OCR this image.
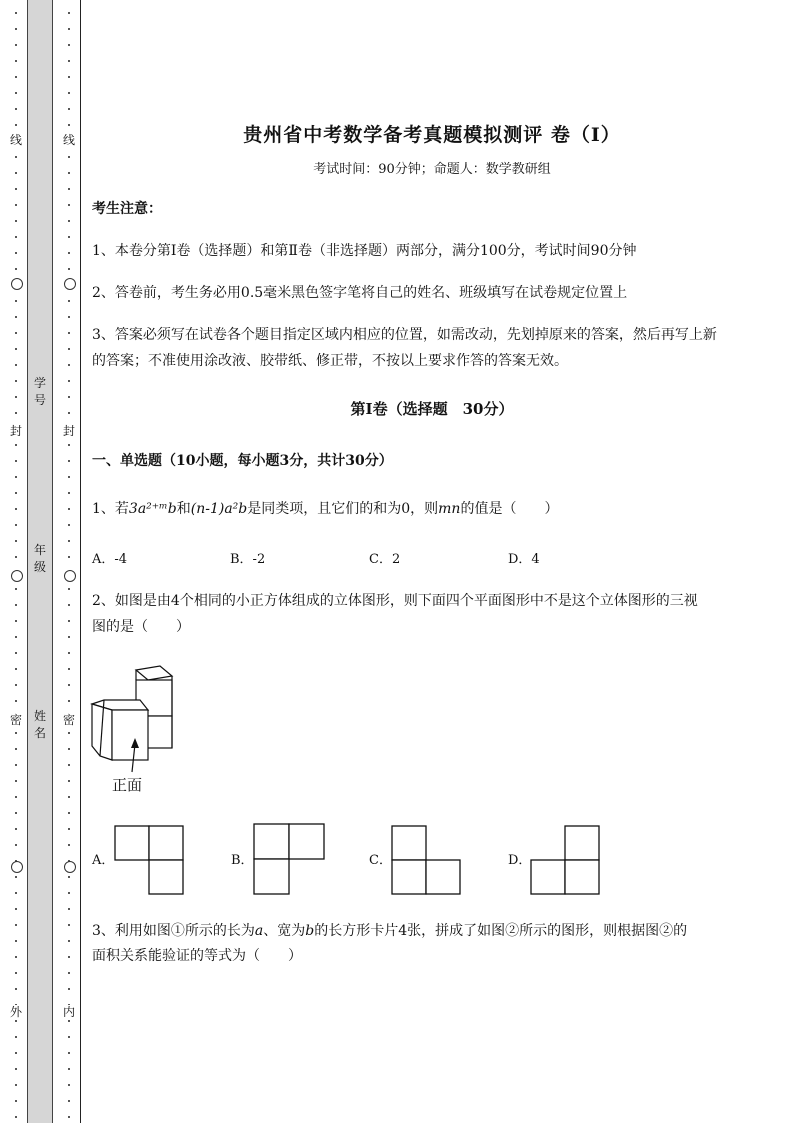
线
封
密
外
线
封
密
内
学号
年级
姓名
贵州省中考数学备考真题模拟测评 卷（Ⅰ）
考试时间：90分钟；命题人：数学教研组
考生注意：
1、本卷分第Ⅰ卷（选择题）和第Ⅱ卷（非选择题）两部分，满分100分，考试时间90分钟
2、答卷前，考生务必用0.5毫米黑色签字笔将自己的姓名、班级填写在试卷规定位置上
3、答案必须写在试卷各个题目指定区域内相应的位置，如需改动，先划掉原来的答案，然后再写上新
的答案；不准使用涂改液、胶带纸、修正带，不按以上要求作答的答案无效。
第Ⅰ卷（选择题　30分）
一、单选题（10小题，每小题3分，共计30分）
1、若3a²⁺ᵐb和(n-1)a²b是同类项，且它们的和为0，则mn的值是（　　）
A．-4	B．-2	C．2	D．4
2、如图是由4个相同的小正方体组成的立体图形，则下面四个平面图形中不是这个立体图形的三视
图的是（　　）
正面
A．	B．	C．	D．
3、利用如图①所示的长为a、宽为b的长方形卡片4张，拼成了如图②所示的图形，则根据图②的
面积关系能验证的等式为（　　）
